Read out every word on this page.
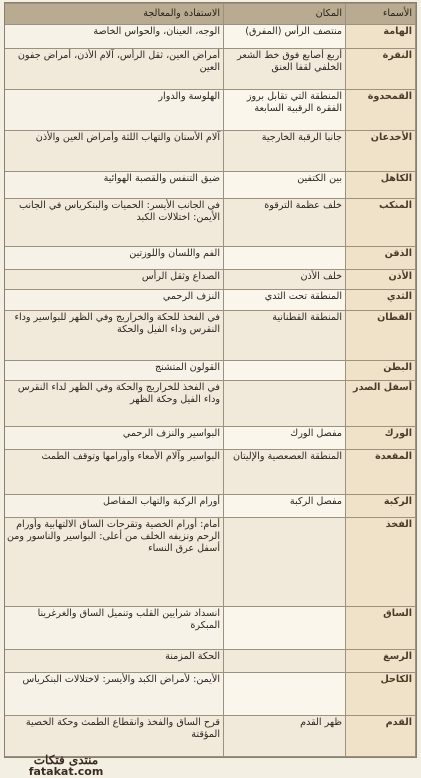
الأسماء	المكان	الاستفادة والمعالجة
الهامة	منتصف الرأس (المفرق)	الوجه، العينان، والحواس الخاصة
النقرة	أربع أصابع فوق خط الشعر الخلفي لقفا العنق	أمراض العين، ثقل الرأس، آلام الأذن، أمراض جفون العين
القمحدوة	المنطقة التي تقابل بروز الفقرة الرقبية السابعة	الهلوسة والدوار
الأخدعان	جانبا الرقبة الخارجية	آلام الأسنان والتهاب اللثة وأمراض العين والأذن
الكاهل	بين الكتفين	ضيق التنفس والقصبة الهوائية
المنكب	خلف عظمة الترقوة	في الجانب الأيسر: الحميات والبنكرياس في الجانب الأيمن: اختلالات الكبد
الذقن		الفم واللسان واللوزتين
الأذن	خلف الأذن	الصداع وثقل الرأس
الثدي	المنطقة تحت الثدي	النزف الرحمي
القطان	المنطقة القطنانية	في الفخذ للحكة والخراريج وفي الظهر للبواسير وداء النقرس وداء الفيل والحكة
البطن		القولون المتشنج
أسفل الصدر		في الفخذ للخراريج والحكة وفي الظهر لداء النقرس وداء الفيل وحكة الظهر
الورك	مفصل الورك	البواسير والنزف الرحمي
المقعدة	المنطقة العصعصية والإليتان	البواسير وآلام الأمعاء وأورامها وتوقف الطمث
الركبة	مفصل الركبة	أورام الركبة والتهاب المفاصل
الفخذ		أمام: أورام الخصية وتقرحات الساق الالتهابية وأورام الرحم ونزيفه الخلف من أعلى: البواسير والناسور ومن أسفل عرق النساء
الساق		انسداد شرايين القلب وتنميل الساق والغرغرينا المبكرة
الرسغ		الحكة المزمنة
الكاحل		الأيمن: لأمراض الكبد والأيسر: لاختلالات البنكرياس
القدم	ظهر القدم	قرح الساق والفخذ وانقطاع الطمث وحكة الخصية المؤقتة
منتدى فتكات
fatakat.com
